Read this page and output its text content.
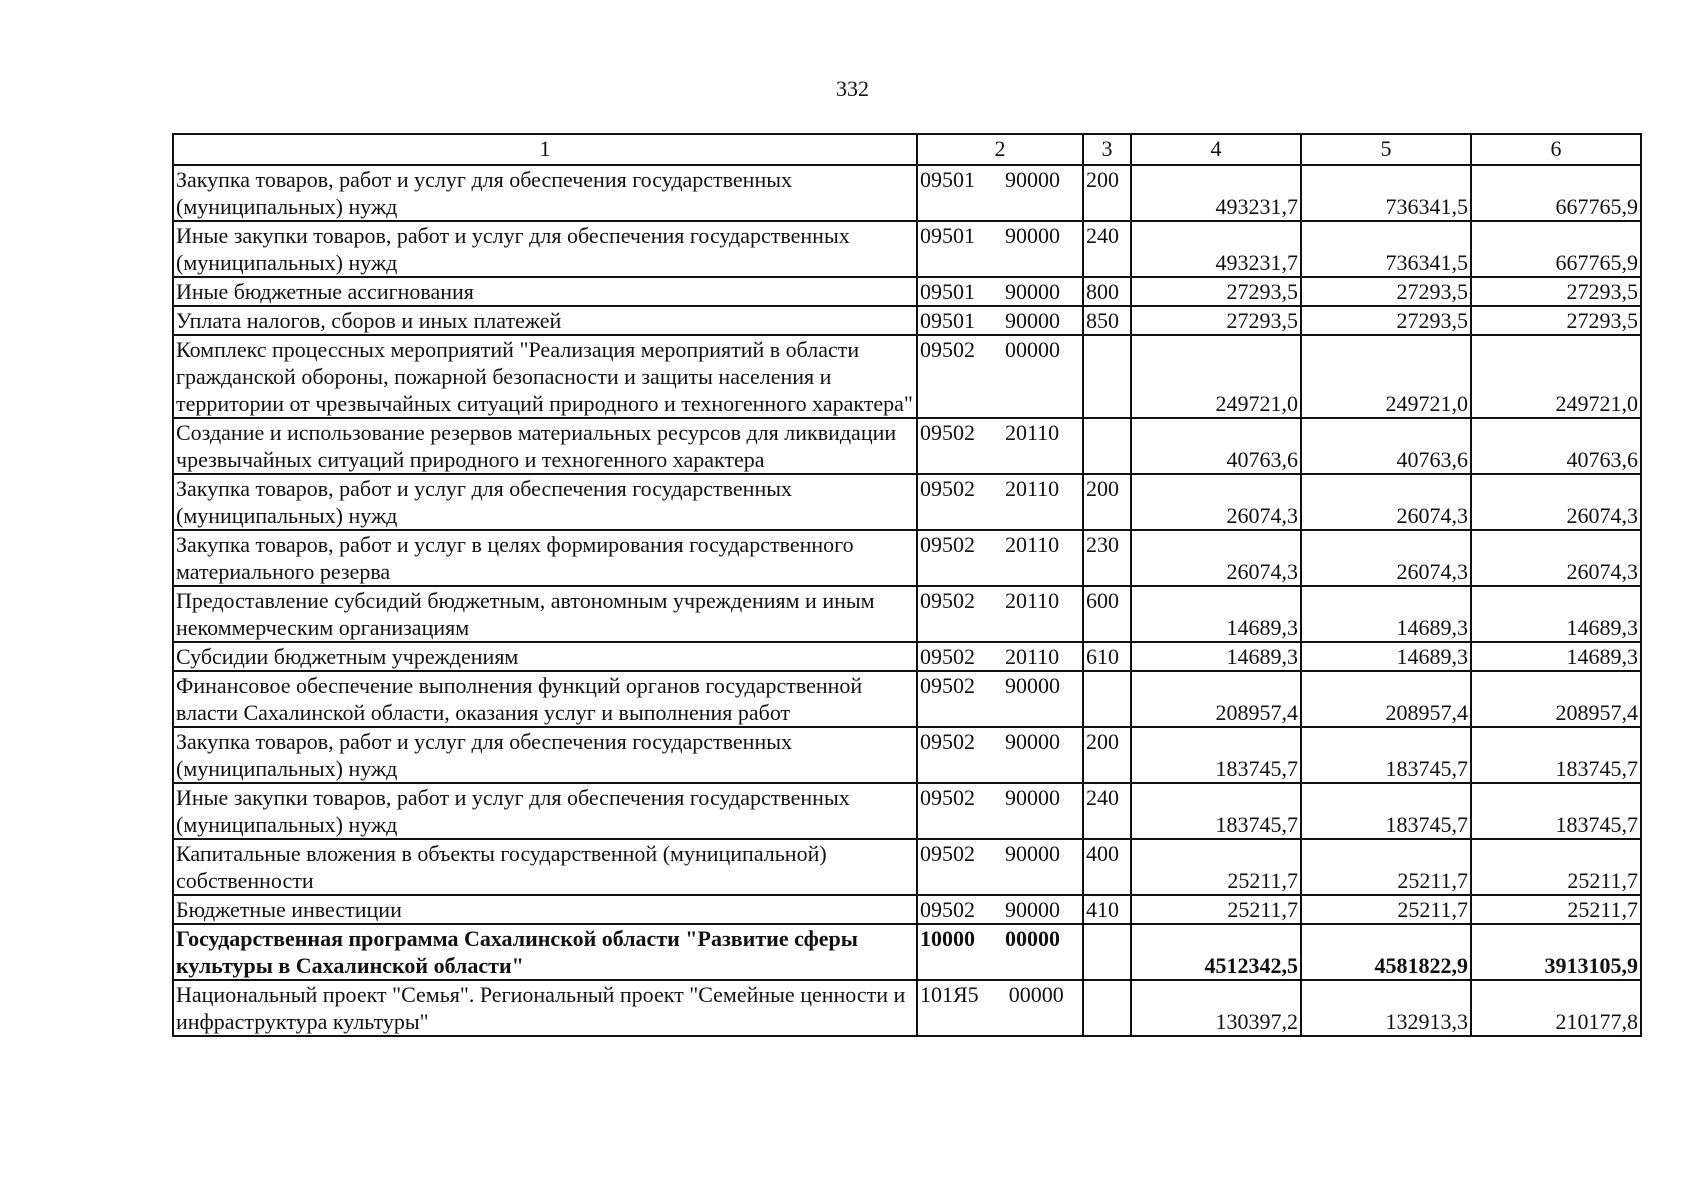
332
1	2	3	4	5	6
Закупка товаров, работ и услуг для обеспечения государственных (муниципальных) нужд	09501 90000	200	493231,7	736341,5	667765,9
Иные закупки товаров, работ и услуг для обеспечения государственных (муниципальных) нужд	09501 90000	240	493231,7	736341,5	667765,9
Иные бюджетные ассигнования	09501 90000	800	27293,5	27293,5	27293,5
Уплата налогов, сборов и иных платежей	09501 90000	850	27293,5	27293,5	27293,5
Комплекс процессных мероприятий "Реализация мероприятий в области гражданской обороны, пожарной безопасности и защиты населения и территории от чрезвычайных ситуаций природного и техногенного характера"	09502 00000		249721,0	249721,0	249721,0
Создание и использование резервов материальных ресурсов для ликвидации чрезвычайных ситуаций природного и техногенного характера	09502 20110		40763,6	40763,6	40763,6
Закупка товаров, работ и услуг для обеспечения государственных (муниципальных) нужд	09502 20110	200	26074,3	26074,3	26074,3
Закупка товаров, работ и услуг в целях формирования государственного материального резерва	09502 20110	230	26074,3	26074,3	26074,3
Предоставление субсидий бюджетным, автономным учреждениям и иным некоммерческим организациям	09502 20110	600	14689,3	14689,3	14689,3
Субсидии бюджетным учреждениям	09502 20110	610	14689,3	14689,3	14689,3
Финансовое обеспечение выполнения функций органов государственной власти Сахалинской области, оказания услуг и выполнения работ	09502 90000		208957,4	208957,4	208957,4
Закупка товаров, работ и услуг для обеспечения государственных (муниципальных) нужд	09502 90000	200	183745,7	183745,7	183745,7
Иные закупки товаров, работ и услуг для обеспечения государственных (муниципальных) нужд	09502 90000	240	183745,7	183745,7	183745,7
Капитальные вложения в объекты государственной (муниципальной) собственности	09502 90000	400	25211,7	25211,7	25211,7
Бюджетные инвестиции	09502 90000	410	25211,7	25211,7	25211,7
Государственная программа Сахалинской области "Развитие сферы культуры в Сахалинской области"	10000 00000		4512342,5	4581822,9	3913105,9
Национальный проект "Семья". Региональный проект "Семейные ценности и инфраструктура культуры"	101Я5 00000		130397,2	132913,3	210177,8
